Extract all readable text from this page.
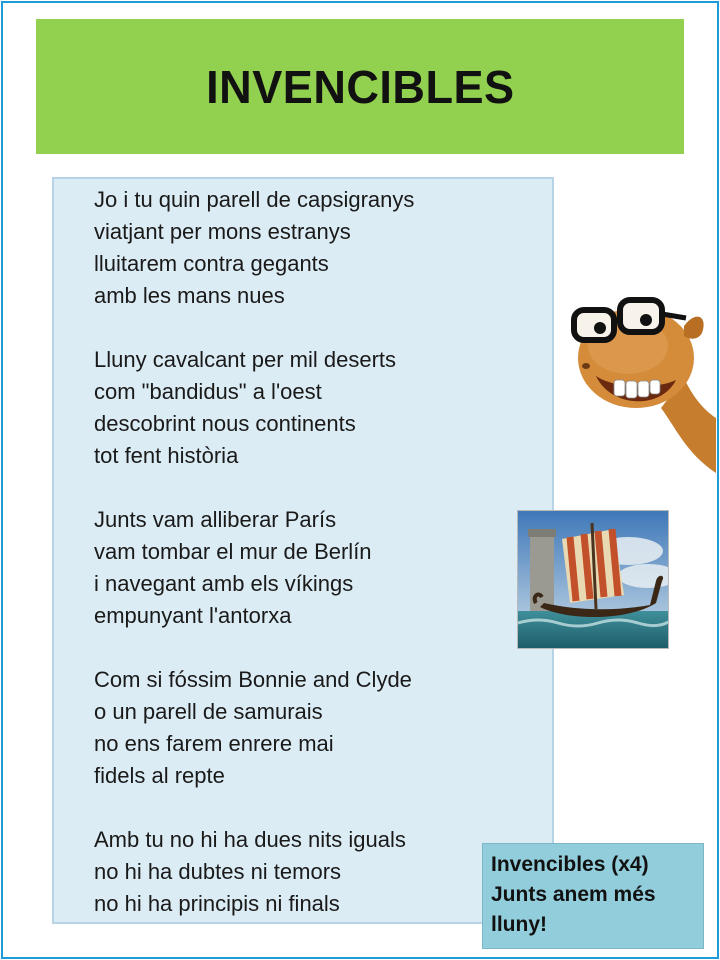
INVENCIBLES
Jo i tu quin parell de capsigranys
viatjant per mons estranys
lluitarem contra gegants
amb les mans nues
Lluny cavalcant per mil deserts
com "bandidus" a l'oest
descobrint nous continents
tot fent història
Junts vam alliberar París
vam tombar el mur de Berlín
i navegant amb els víkings
empunyant l'antorxa
Com si fóssim Bonnie and Clyde
o un parell de samurais
no ens farem enrere mai
fidels al repte
Amb tu no hi ha dues nits iguals
no hi ha dubtes ni temors
no hi ha principis ni finals
Invencibles (x4)
Junts anem més
lluny!
